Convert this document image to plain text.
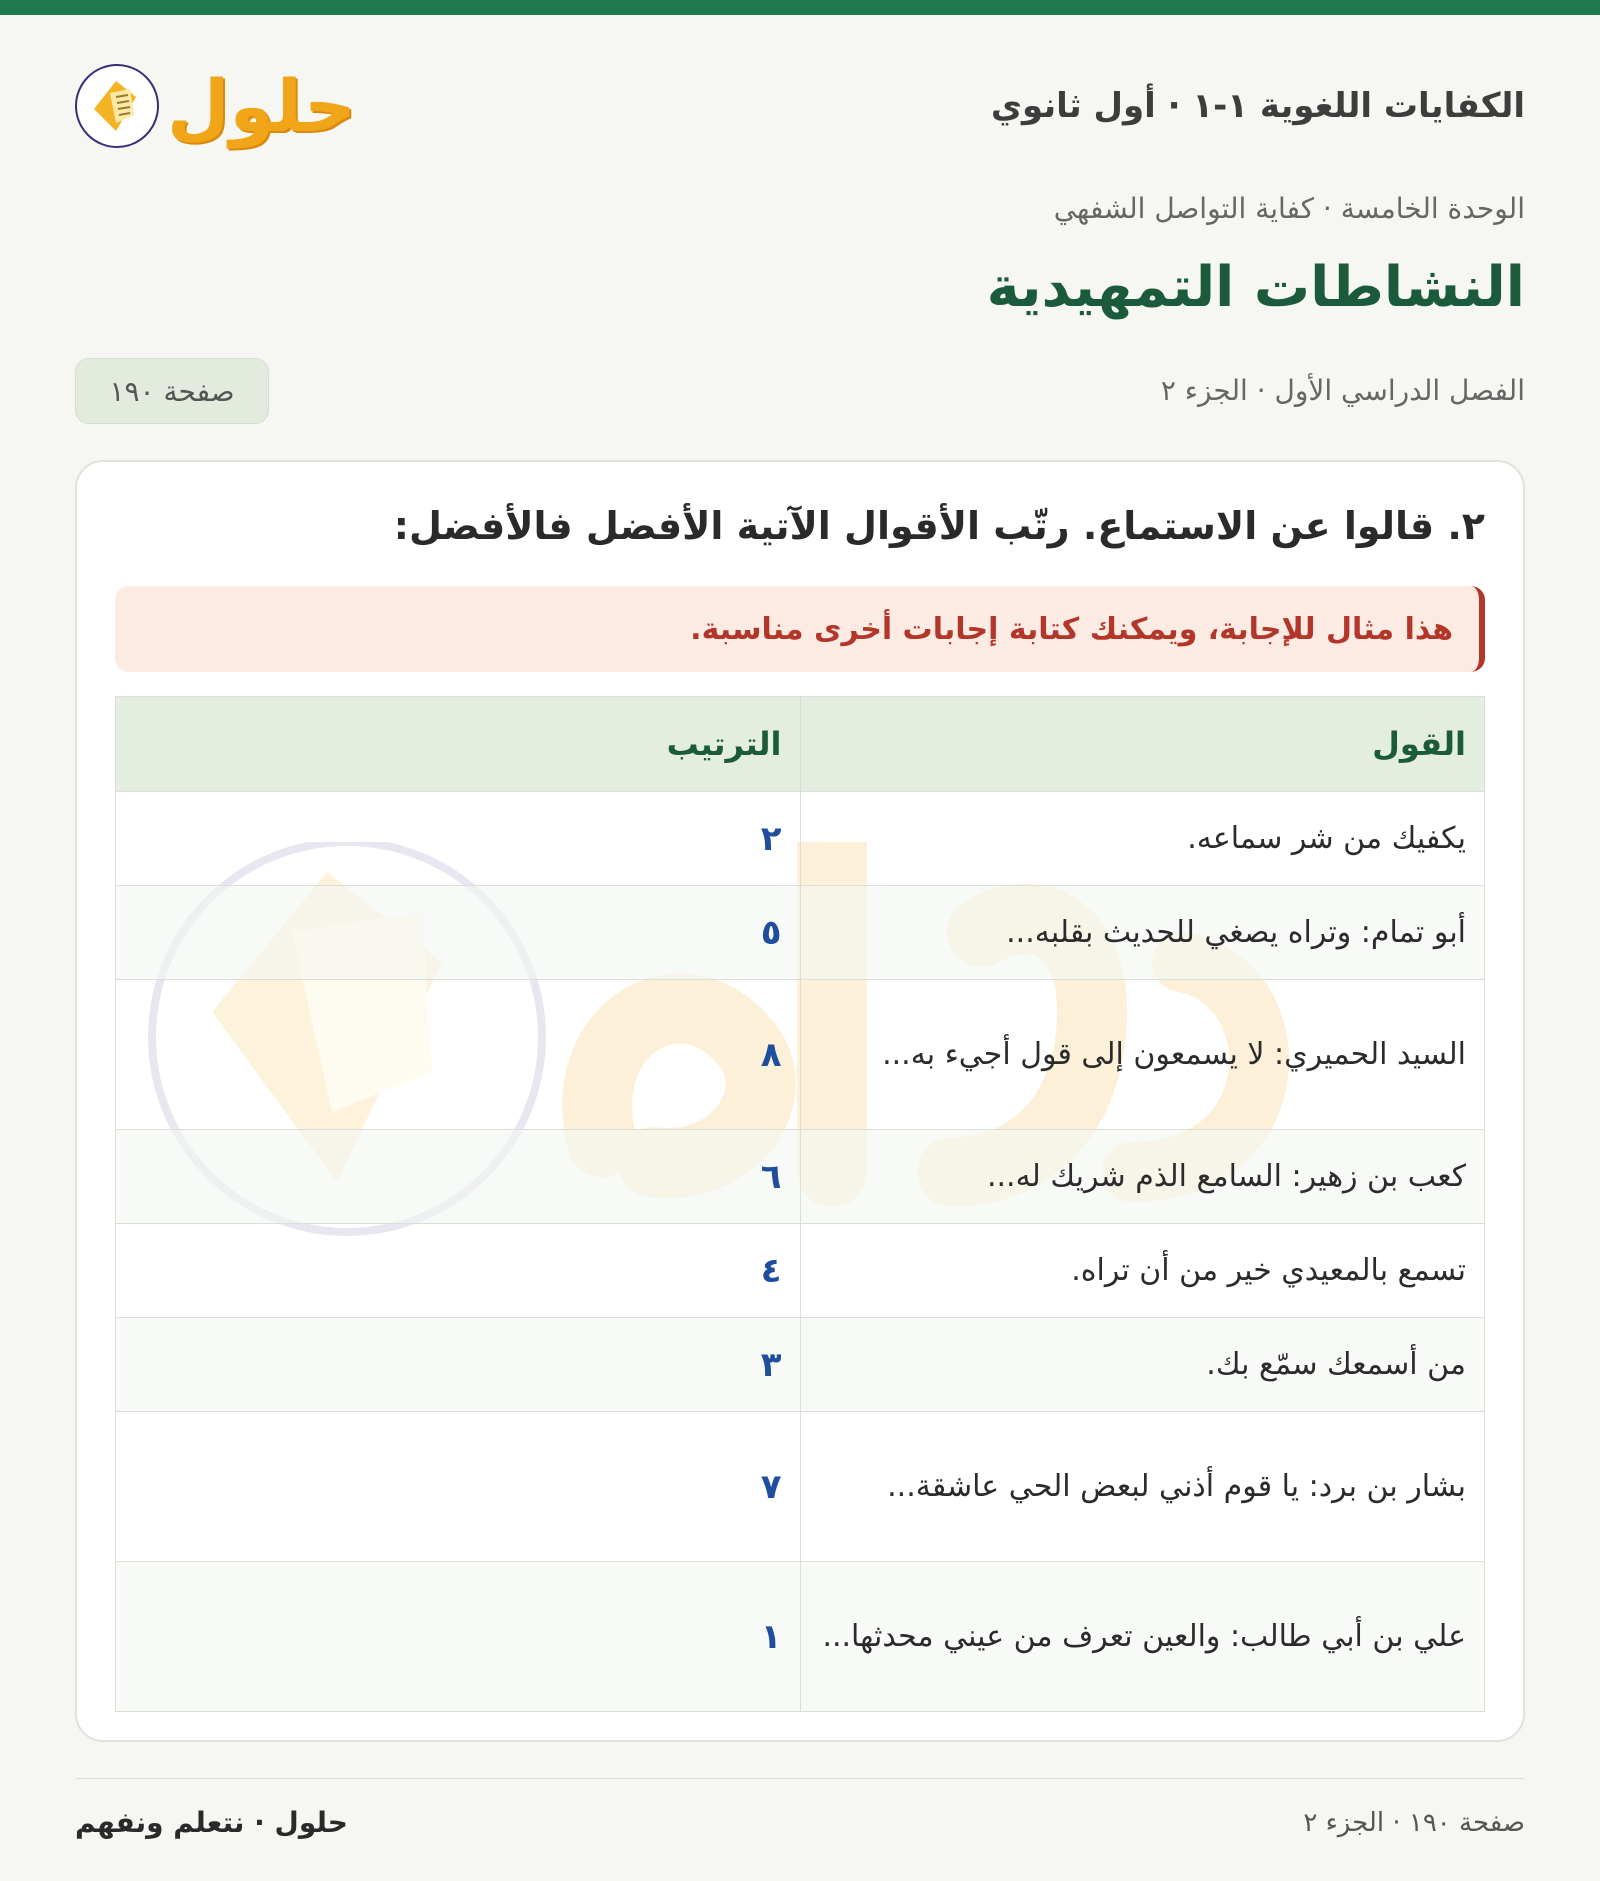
الكفايات اللغوية ١-١ · أول ثانوي
حلول
الوحدة الخامسة · كفاية التواصل الشفهي
النشاطات التمهيدية
الفصل الدراسي الأول · الجزء ٢
صفحة ١٩٠
٢. قالوا عن الاستماع. رتّب الأقوال الآتية الأفضل فالأفضل:
هذا مثال للإجابة، ويمكنك كتابة إجابات أخرى مناسبة.
القول	الترتيب
يكفيك من شر سماعه.	٢
أبو تمام: وتراه يصغي للحديث بقلبه...	٥
السيد الحميري: لا يسمعون إلى قول أجيء به...	٨
كعب بن زهير: السامع الذم شريك له...	٦
تسمع بالمعيدي خير من أن تراه.	٤
من أسمعك سمّع بك.	٣
بشار بن برد: يا قوم أذني لبعض الحي عاشقة...	٧
علي بن أبي طالب: والعين تعرف من عيني محدثها...	١
صفحة ١٩٠ · الجزء ٢
حلول · نتعلم ونفهم
